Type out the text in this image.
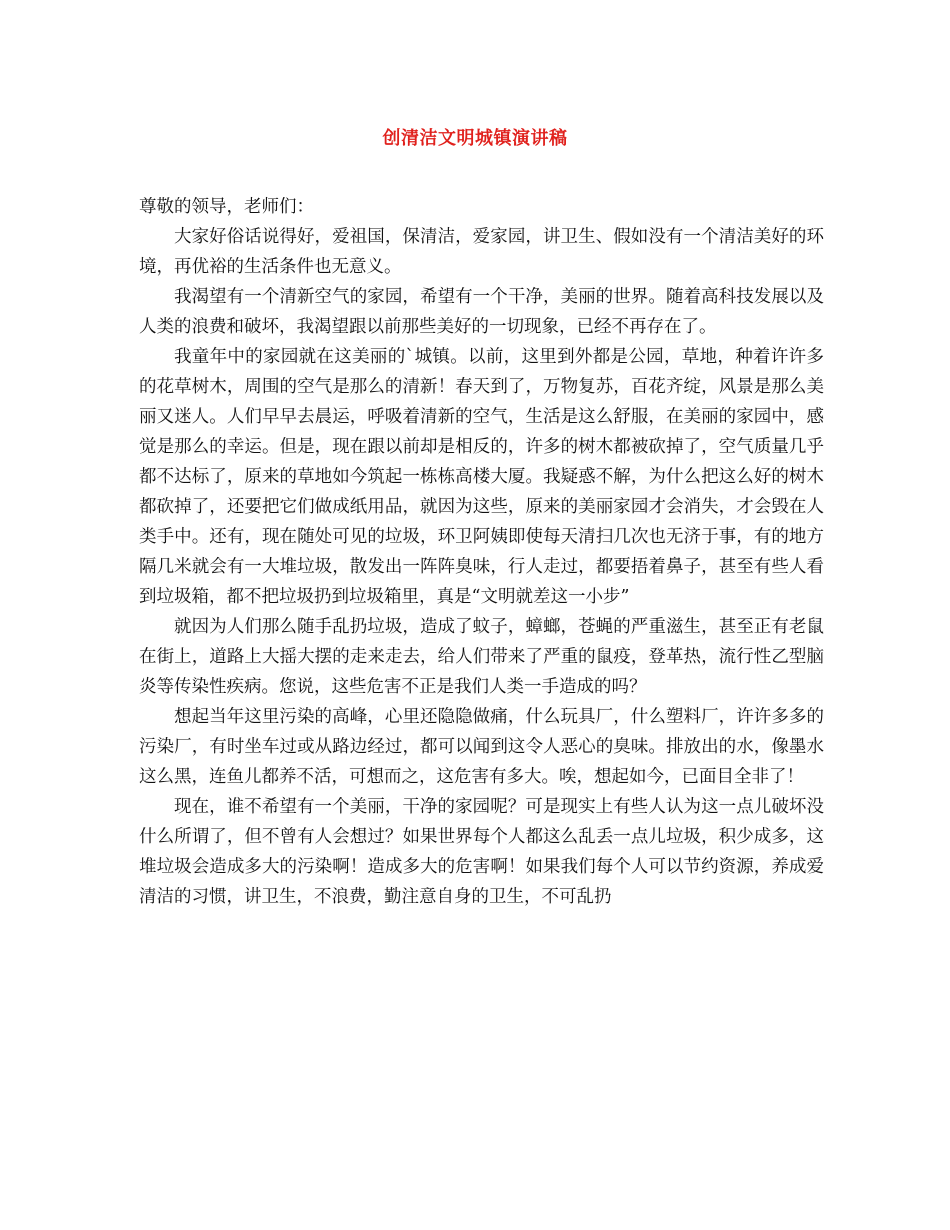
创清洁文明城镇演讲稿

尊敬的领导，老师们：

大家好俗话说得好，爱祖国，保清洁，爱家园，讲卫生、假如没有一个清洁美好的环境，再优裕的生活条件也无意义。

我渴望有一个清新空气的家园，希望有一个干净，美丽的世界。随着高科技发展以及人类的浪费和破坏，我渴望跟以前那些美好的一切现象，已经不再存在了。

我童年中的家园就在这美丽的`城镇。以前，这里到外都是公园，草地，种着许许多的花草树木，周围的空气是那么的清新！春天到了，万物复苏，百花齐绽，风景是那么美丽又迷人。人们早早去晨运，呼吸着清新的空气，生活是这么舒服，在美丽的家园中，感觉是那么的幸运。但是，现在跟以前却是相反的，许多的树木都被砍掉了，空气质量几乎都不达标了，原来的草地如今筑起一栋栋高楼大厦。我疑惑不解，为什么把这么好的树木都砍掉了，还要把它们做成纸用品，就因为这些，原来的美丽家园才会消失，才会毁在人类手中。还有，现在随处可见的垃圾，环卫阿姨即使每天清扫几次也无济于事，有的地方隔几米就会有一大堆垃圾，散发出一阵阵臭味，行人走过，都要捂着鼻子，甚至有些人看到垃圾箱，都不把垃圾扔到垃圾箱里，真是“文明就差这一小步”

就因为人们那么随手乱扔垃圾，造成了蚊子，蟑螂，苍蝇的严重滋生，甚至正有老鼠在街上，道路上大摇大摆的走来走去，给人们带来了严重的鼠疫，登革热，流行性乙型脑炎等传染性疾病。您说，这些危害不正是我们人类一手造成的吗？

想起当年这里污染的高峰，心里还隐隐做痛，什么玩具厂，什么塑料厂，许许多多的污染厂，有时坐车过或从路边经过，都可以闻到这令人恶心的臭味。排放出的水，像墨水这么黑，连鱼儿都养不活，可想而之，这危害有多大。唉，想起如今，已面目全非了！

现在，谁不希望有一个美丽，干净的家园呢？可是现实上有些人认为这一点儿破坏没什么所谓了，但不曾有人会想过？如果世界每个人都这么乱丢一点儿垃圾，积少成多，这堆垃圾会造成多大的污染啊！造成多大的危害啊！如果我们每个人可以节约资源，养成爱清洁的习惯，讲卫生，不浪费，勤注意自身的卫生，不可乱扔
